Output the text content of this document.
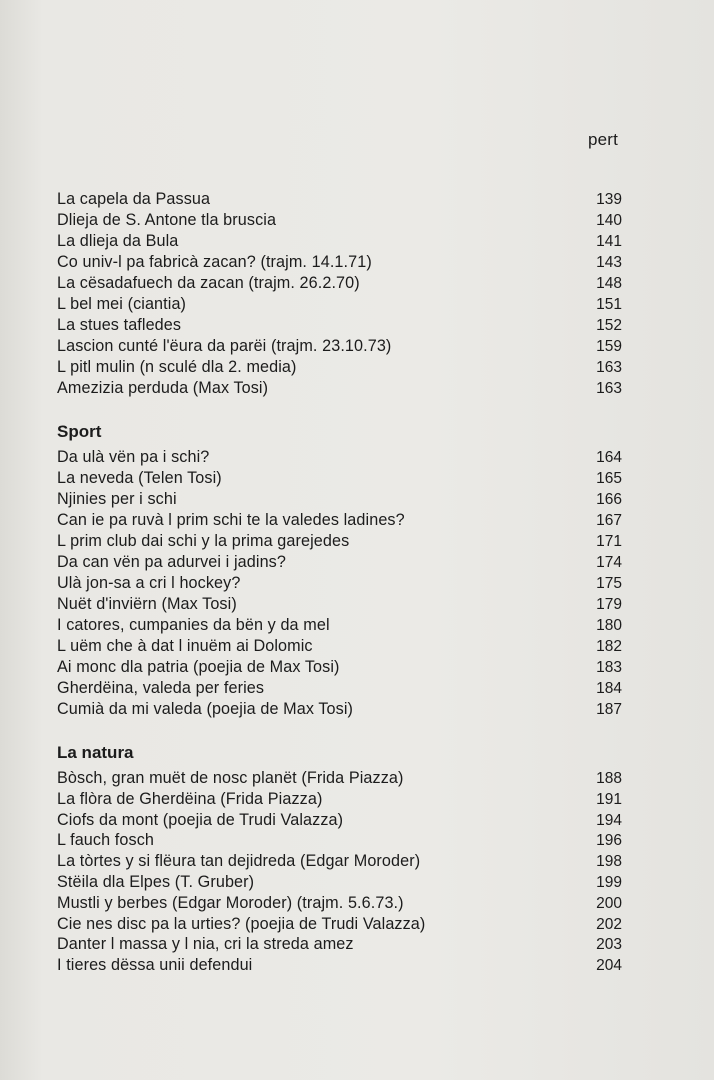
pert
La capela da Passua	139
Dlieja de S. Antone tla bruscia	140
La dlieja da Bula	141
Co univ-l pa fabricà zacan? (trajm. 14.1.71)	143
La cësadafuech da zacan (trajm. 26.2.70)	148
L bel mei (ciantia)	151
La stues tafledes	152
Lascion cunté l'ëura da parëi (trajm. 23.10.73)	159
L pitl mulin (n sculé dla 2. media)	163
Amezizia perduda (Max Tosi)	163
Sport
Da ulà vën pa i schi?	164
La neveda (Telen Tosi)	165
Njinies per i schi	166
Can ie pa ruvà l prim schi te la valedes ladines?	167
L prim club dai schi y la prima garejedes	171
Da can vën pa adurvei i jadins?	174
Ulà jon-sa a cri l hockey?	175
Nuët d'inviërn (Max Tosi)	179
I catores, cumpanies da bën y da mel	180
L uëm che à dat l inuëm ai Dolomic	182
Ai monc dla patria (poejia de Max Tosi)	183
Gherdëina, valeda per feries	184
Cumià da mi valeda (poejia de Max Tosi)	187
La natura
Bòsch, gran muët de nosc planët (Frida Piazza)	188
La flòra de Gherdëina (Frida Piazza)	191
Ciofs da mont (poejia de Trudi Valazza)	194
L fauch fosch	196
La tòrtes y si flëura tan dejidreda (Edgar Moroder)	198
Stëila dla Elpes (T. Gruber)	199
Mustli y berbes (Edgar Moroder) (trajm. 5.6.73.)	200
Cie nes disc pa la urties? (poejia de Trudi Valazza)	202
Danter l massa y l nia, cri la streda amez	203
I tieres dëssa unii defendui	204
